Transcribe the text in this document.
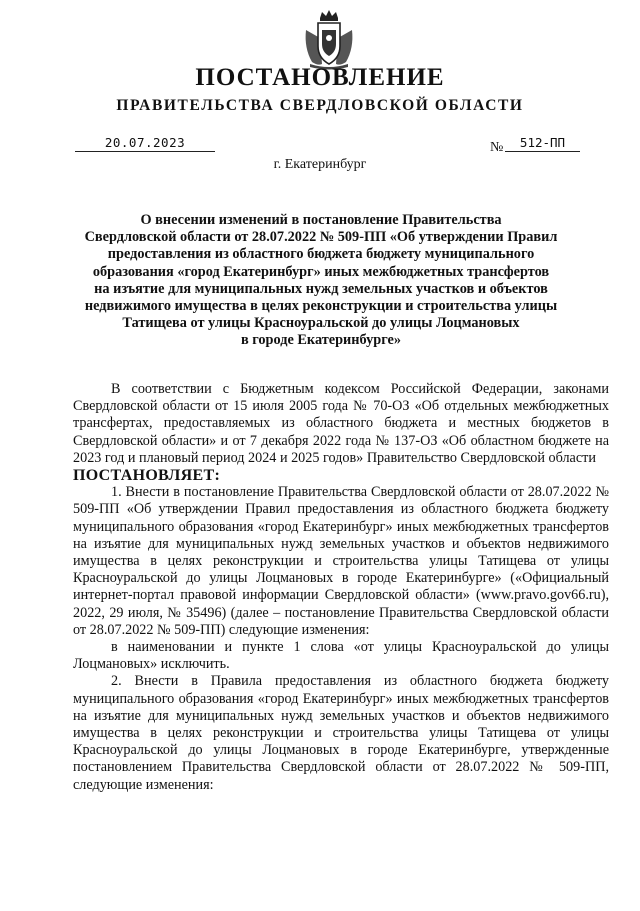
ПОСТАНОВЛЕНИЕ
ПРАВИТЕЛЬСТВА СВЕРДЛОВСКОЙ ОБЛАСТИ
20.07.2023	№	512-ПП
г. Екатеринбург
О внесении изменений в постановление Правительства
Свердловской области от 28.07.2022 № 509-ПП «Об утверждении Правил
предоставления из областного бюджета бюджету муниципального
образования «город Екатеринбург» иных межбюджетных трансфертов
на изъятие для муниципальных нужд земельных участков и объектов
недвижимого имущества в целях реконструкции и строительства улицы
Татищева от улицы Красноуральской до улицы Лоцмановых
в городе Екатеринбурге»

В соответствии с Бюджетным кодексом Российской Федерации, законами Свердловской области от 15 июля 2005 года № 70-ОЗ «Об отдельных межбюджетных трансфертах, предоставляемых из областного бюджета и местных бюджетов в Свердловской области» и от 7 декабря 2022 года № 137-ОЗ «Об областном бюджете на 2023 год и плановый период 2024 и 2025 годов» Правительство Свердловской области

ПОСТАНОВЛЯЕТ:

1. Внести в постановление Правительства Свердловской области от 28.07.2022 № 509-ПП «Об утверждении Правил предоставления из областного бюджета бюджету муниципального образования «город Екатеринбург» иных межбюджетных трансфертов на изъятие для муниципальных нужд земельных участков и объектов недвижимого имущества в целях реконструкции и строительства улицы Татищева от улицы Красноуральской до улицы Лоцмановых в городе Екатеринбурге» («Официальный интернет-портал правовой информации Свердловской области» (www.pravo.gov66.ru), 2022, 29 июля, № 35496) (далее – постановление Правительства Свердловской области от 28.07.2022 № 509-ПП) следующие изменения:

в наименовании и пункте 1 слова «от улицы Красноуральской до улицы Лоцмановых» исключить.

2. Внести в Правила предоставления из областного бюджета бюджету муниципального образования «город Екатеринбург» иных межбюджетных трансфертов на изъятие для муниципальных нужд земельных участков и объектов недвижимого имущества в целях реконструкции и строительства улицы Татищева от улицы Красноуральской до улицы Лоцмановых в городе Екатеринбурге, утвержденные постановлением Правительства Свердловской области от 28.07.2022 № 509-ПП, следующие изменения:
